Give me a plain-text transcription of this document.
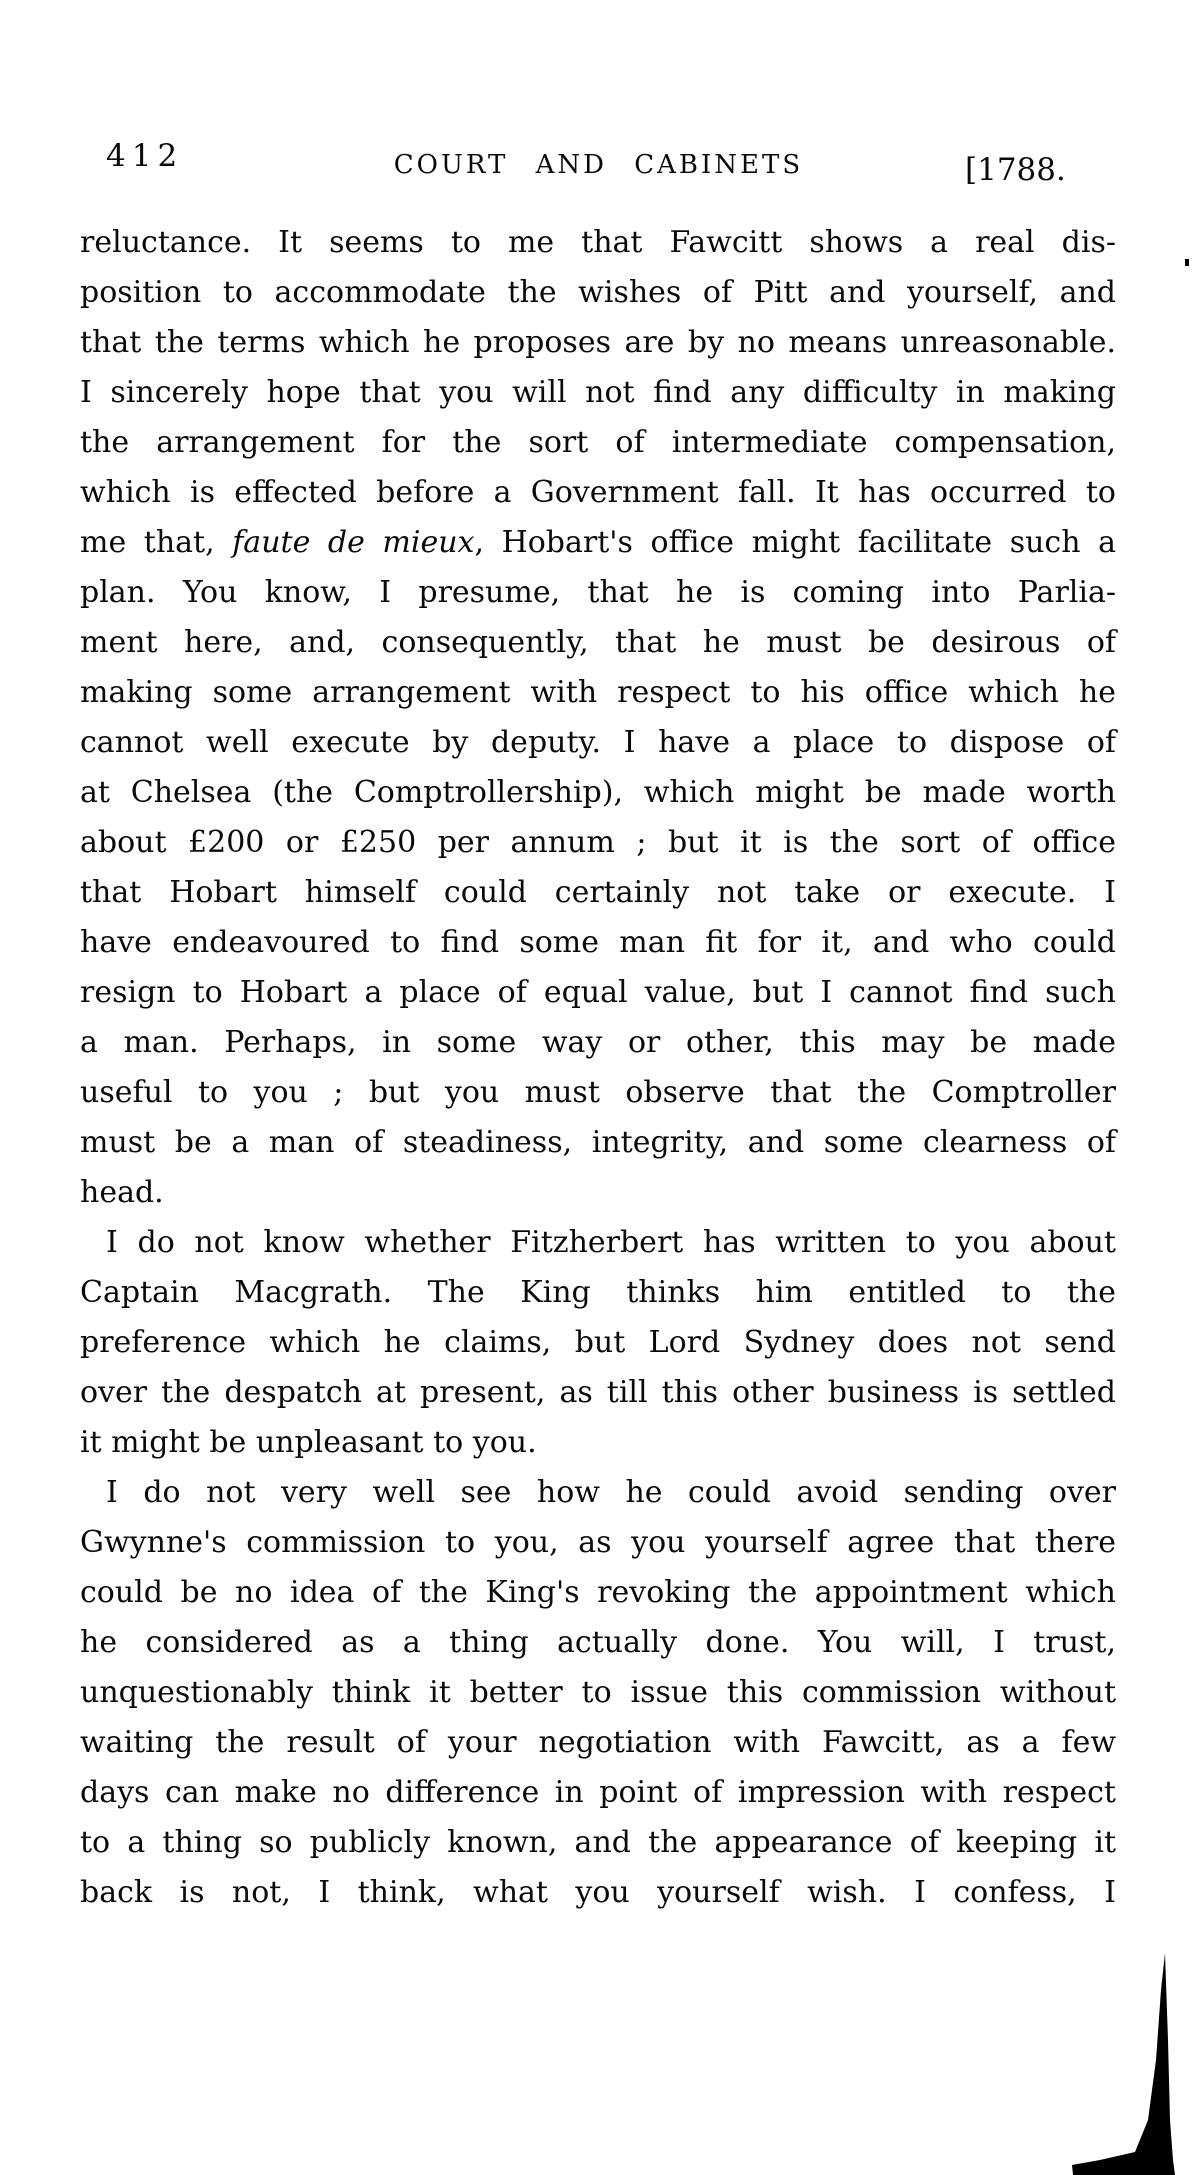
412	COURT AND CABINETS	[1788.
reluctance. It seems to me that Fawcitt shows a real dis-
position to accommodate the wishes of Pitt and yourself, and
that the terms which he proposes are by no means unreasonable.
I sincerely hope that you will not find any difficulty in making
the arrangement for the sort of intermediate compensation,
which is effected before a Government fall. It has occurred to
me that, faute de mieux, Hobart's office might facilitate such a
plan. You know, I presume, that he is coming into Parlia-
ment here, and, consequently, that he must be desirous of
making some arrangement with respect to his office which he
cannot well execute by deputy. I have a place to dispose of
at Chelsea (the Comptrollership), which might be made worth
about £200 or £250 per annum ; but it is the sort of office
that Hobart himself could certainly not take or execute. I
have endeavoured to find some man fit for it, and who could
resign to Hobart a place of equal value, but I cannot find such
a man. Perhaps, in some way or other, this may be made
useful to you ; but you must observe that the Comptroller
must be a man of steadiness, integrity, and some clearness of
head.
I do not know whether Fitzherbert has written to you about
Captain Macgrath. The King thinks him entitled to the
preference which he claims, but Lord Sydney does not send
over the despatch at present, as till this other business is settled
it might be unpleasant to you.
I do not very well see how he could avoid sending over
Gwynne's commission to you, as you yourself agree that there
could be no idea of the King's revoking the appointment which
he considered as a thing actually done. You will, I trust,
unquestionably think it better to issue this commission without
waiting the result of your negotiation with Fawcitt, as a few
days can make no difference in point of impression with respect
to a thing so publicly known, and the appearance of keeping it
back is not, I think, what you yourself wish. I confess, I
